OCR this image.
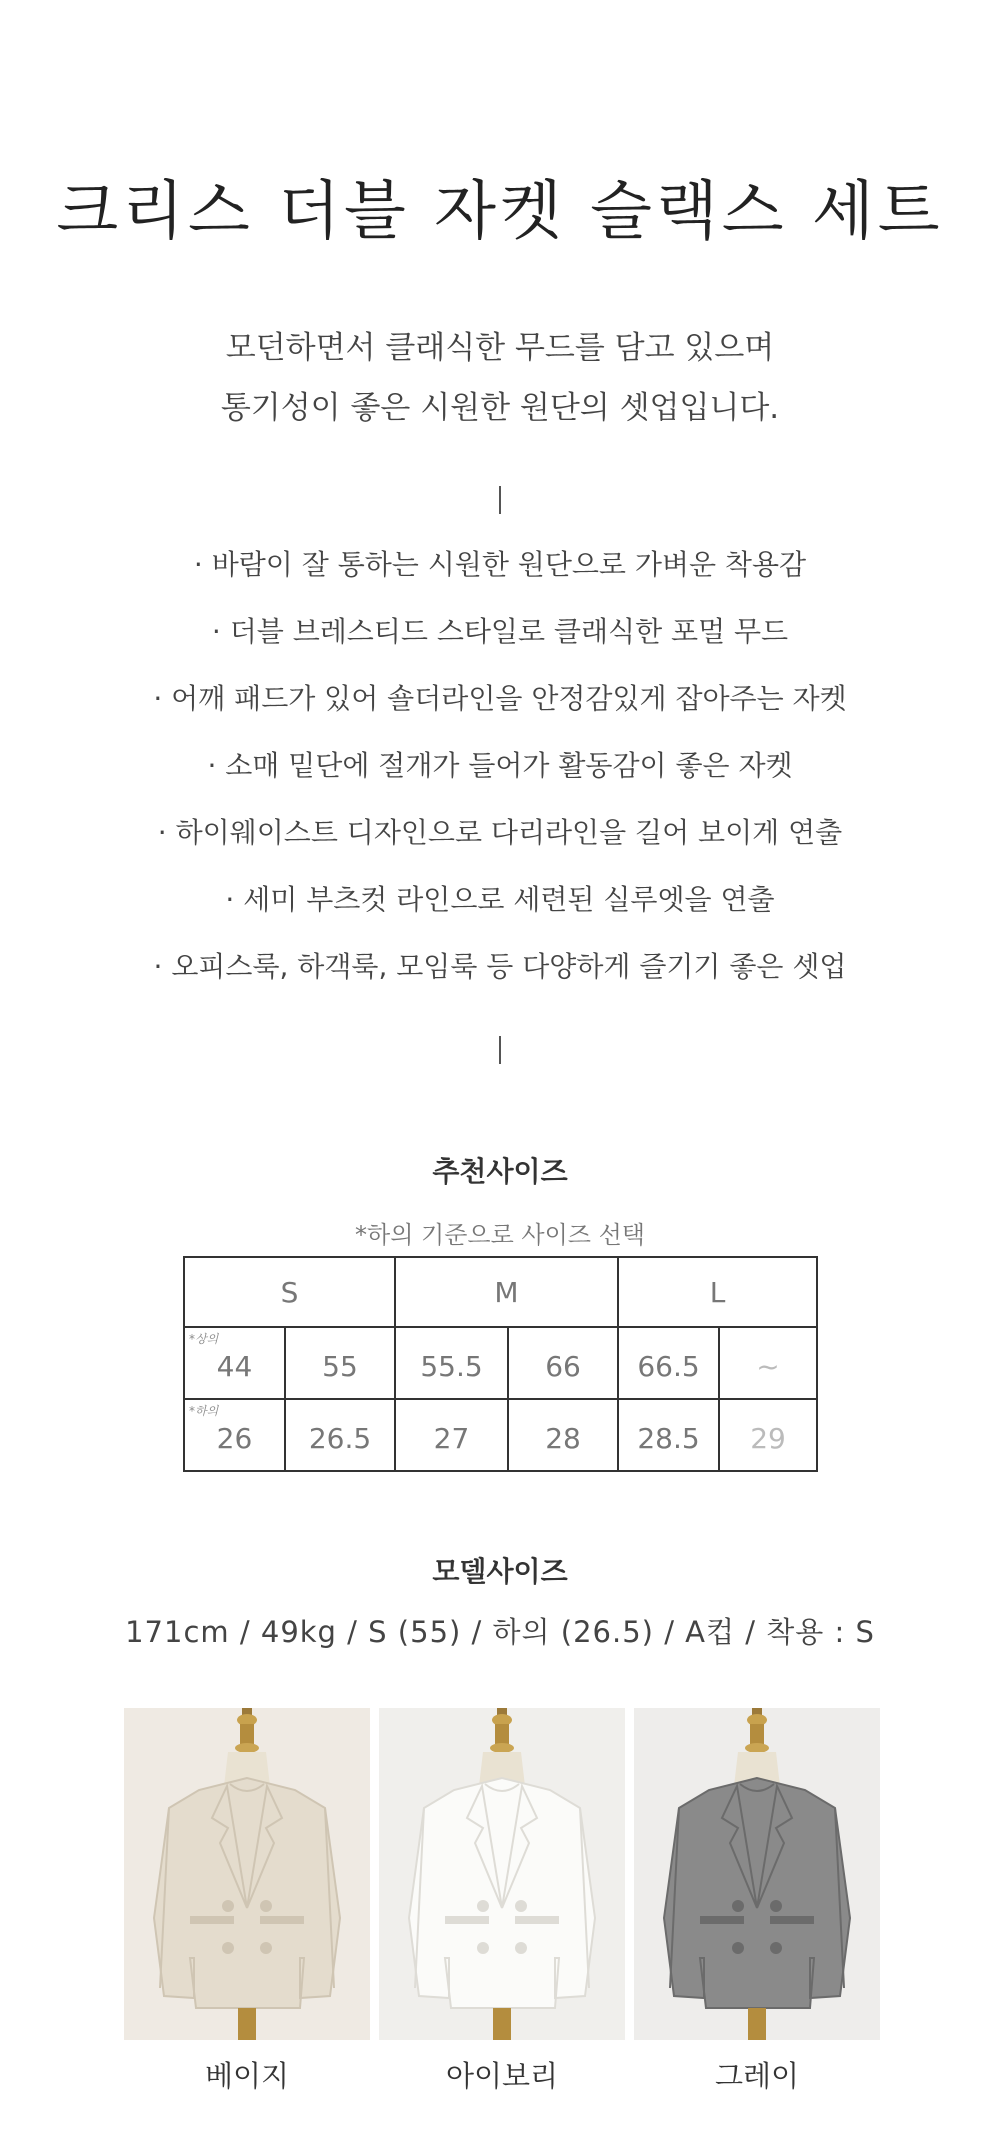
크리스 더블 자켓 슬랙스 세트
모던하면서 클래식한 무드를 담고 있으며
통기성이 좋은 시원한 원단의 셋업입니다.
· 바람이 잘 통하는 시원한 원단으로 가벼운 착용감
· 더블 브레스티드 스타일로 클래식한 포멀 무드
· 어깨 패드가 있어 숄더라인을 안정감있게 잡아주는 자켓
· 소매 밑단에 절개가 들어가 활동감이 좋은 자켓
· 하이웨이스트 디자인으로 다리라인을 길어 보이게 연출
· 세미 부츠컷 라인으로 세련된 실루엣을 연출
· 오피스룩, 하객룩, 모임룩 등 다양하게 즐기기 좋은 셋업
추천사이즈
*하의 기준으로 사이즈 선택
S		M		L	

*상의
44	55	55.5	66	66.5	~

*하의
26	26.5	27	28	28.5	29
모델사이즈
171cm / 49kg / S (55) / 하의 (26.5) / A컵 / 착용 : S
베이지	아이보리	그레이
